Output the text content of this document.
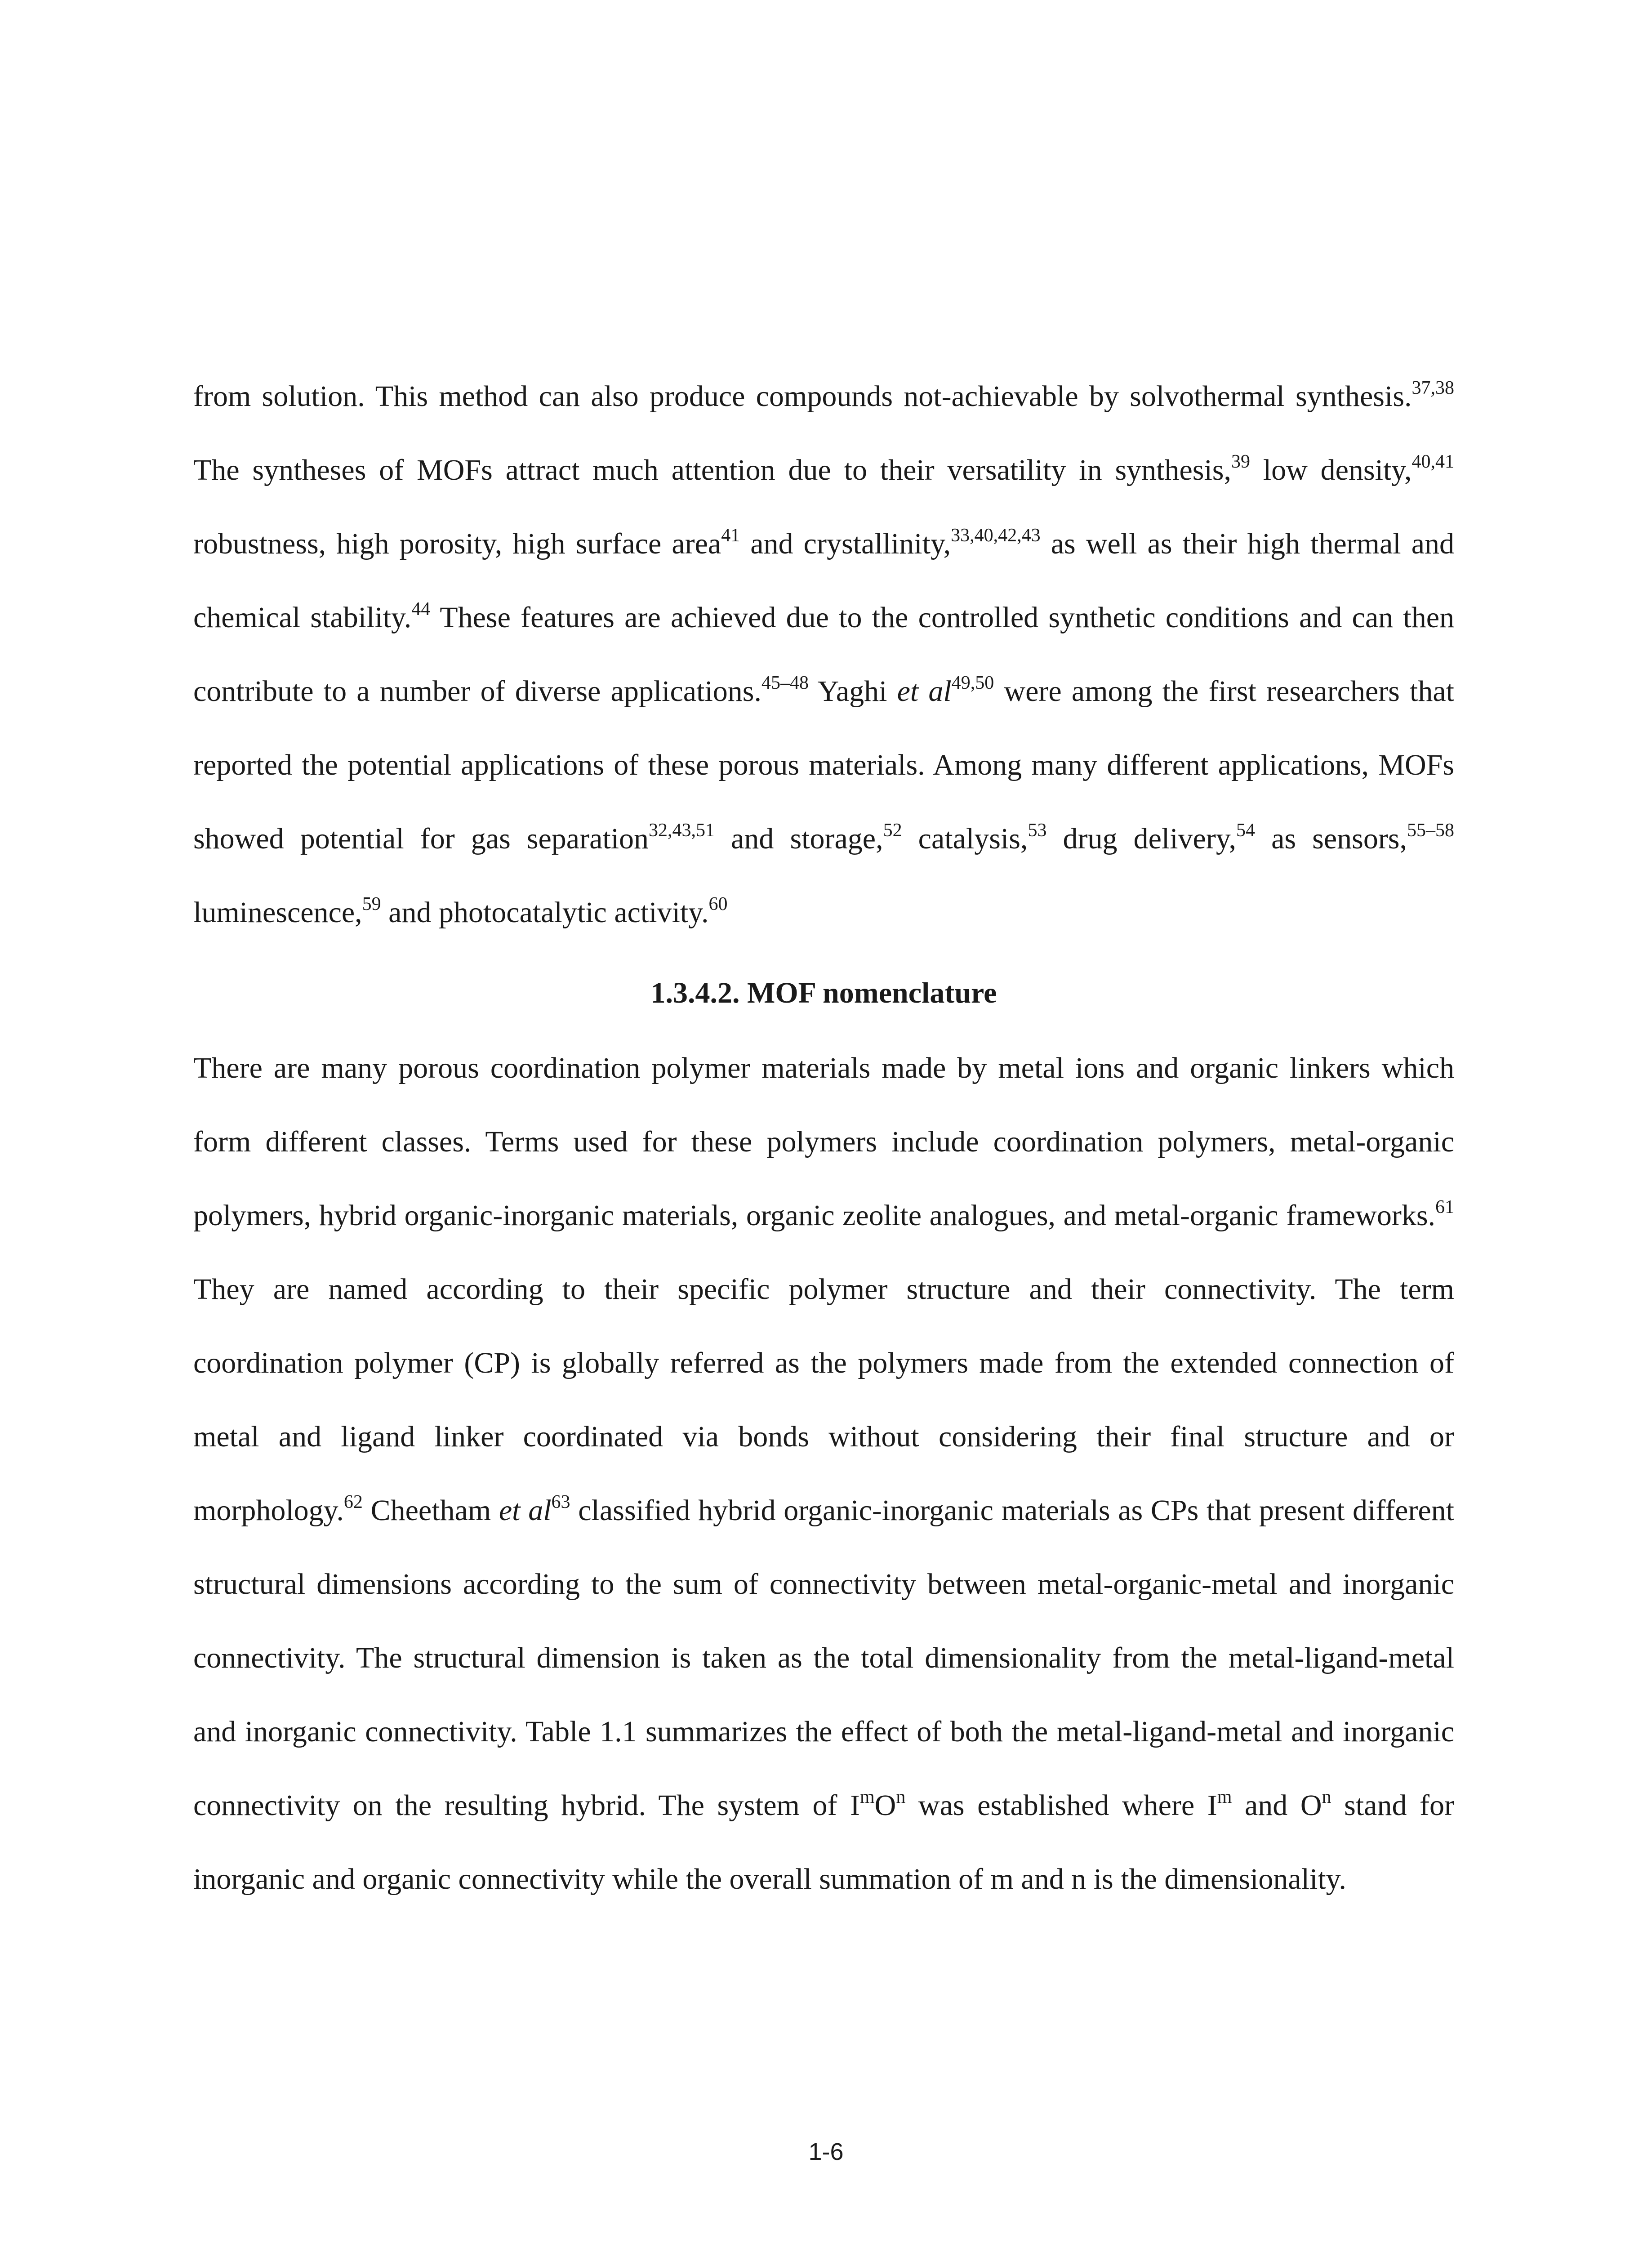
from solution. This method can also produce compounds not-achievable by solvothermal synthesis.$^{37,38}$ The syntheses of MOFs attract much attention due to their versatility in synthesis,$^{39}$ low density,$^{40,41}$ robustness, high porosity, high surface area$^{41}$ and crystallinity,$^{33,40,42,43}$ as well as their high thermal and chemical stability.$^{44}$ These features are achieved due to the controlled synthetic conditions and can then contribute to a number of diverse applications.$^{45-48}$ Yaghi et al$^{49,50}$ were among the first researchers that reported the potential applications of these porous materials. Among many different applications, MOFs showed potential for gas separation$^{32,43,51}$ and storage,$^{52}$ catalysis,$^{53}$ drug delivery,$^{54}$ as sensors,$^{55-58}$ luminescence,$^{59}$ and photocatalytic activity.$^{60}$

1.3.4.2. MOF nomenclature

There are many porous coordination polymer materials made by metal ions and organic linkers which form different classes. Terms used for these polymers include coordination polymers, metal-organic polymers, hybrid organic-inorganic materials, organic zeolite analogues, and metal-organic frameworks.$^{61}$ They are named according to their specific polymer structure and their connectivity. The term coordination polymer (CP) is globally referred as the polymers made from the extended connection of metal and ligand linker coordinated via bonds without considering their final structure and or morphology.$^{62}$ Cheetham et $al^{63}$ classified hybrid organic-inorganic materials as CPs that present different structural dimensions according to the sum of connectivity between metal-organic-metal and inorganic connectivity. The structural dimension is taken as the total dimensionality from the metal-ligand-metal and inorganic connectivity. Table 1.1 summarizes the effect of both the metal-ligand-metal and inorganic connectivity on the resulting hybrid. The system of $I^mO^n$ was established where $I^m$ and $O^n$ stand for inorganic and organic connectivity while the overall summation of m and n is the dimensionality.

1-6
